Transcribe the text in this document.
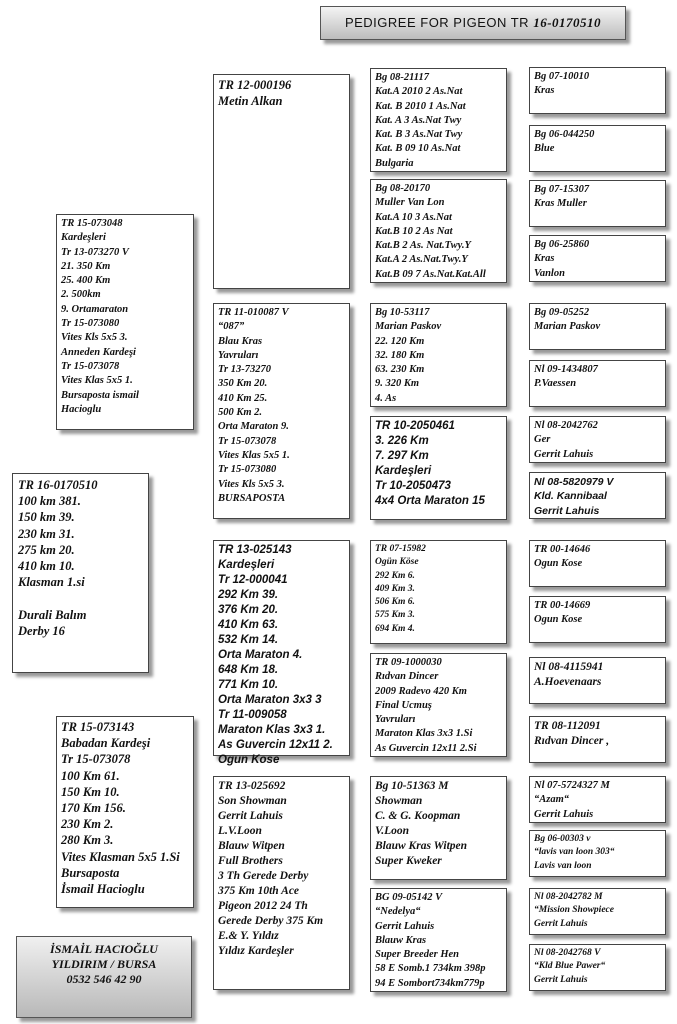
PEDIGREE FOR PIGEON TR 16-0170510
TR 16-0170510
100 km 381.
150 km 39.
230 km 31.
275 km 20.
410 km 10.
Klasman 1.si

Durali Balım
Derby 16
TR 15-073048
Kardeşleri
Tr 13-073270 V
21. 350 Km
25. 400 Km
2. 500km
9. Ortamaraton
Tr 15-073080
Vites Kls 5x5 3.
Anneden Kardeşi
Tr 15-073078
Vites Klas 5x5 1.
Bursaposta ismail
Hacioglu
TR 15-073143
Babadan Kardeşi
Tr 15-073078
100 Km 61.
150 Km 10.
170 Km 156.
230 Km 2.
280 Km 3.
Vites Klasman 5x5 1.Si
Bursaposta
İsmail Hacioglu
İSMAİL HACIOĞLU
YILDIRIM / BURSA
0532 546 42 90
TR 12-000196
Metin Alkan
TR 11-010087 V
“087”
Blau Kras
Yavruları
Tr 13-73270
350 Km 20.
410 Km 25.
500 Km 2.
Orta Maraton 9.
Tr 15-073078
Vites Klas 5x5 1.
Tr 15-073080
Vites Kls 5x5 3.
BURSAPOSTA
TR 13-025143
Kardeşleri
Tr 12-000041
292 Km 39.
376 Km 20.
410 Km 63.
532 Km 14.
Orta Maraton 4.
648 Km 18.
771 Km 10.
Orta Maraton 3x3 3
Tr 11-009058
Maraton Klas 3x3 1.
As Guvercin 12x11 2.
Ogun Kose
TR 13-025692
Son Showman
Gerrit Lahuis
L.V.Loon
Blauw Witpen
Full Brothers
3 Th Gerede Derby
375 Km 10th Ace
Pigeon 2012 24 Th
Gerede Derby 375 Km
E.& Y. Yıldız
Yıldız Kardeşler
Bg 08-21117
Kat.A 2010 2 As.Nat
Kat. B 2010 1 As.Nat
Kat. A 3 As.Nat Twy
Kat. B 3 As.Nat Twy
Kat. B 09 10 As.Nat
Bulgaria
Bg 08-20170
Muller Van Lon
Kat.A 10 3 As.Nat
Kat.B 10 2 As Nat
Kat.B 2 As. Nat.Twy.Y
Kat.A 2 As.Nat.Twy.Y
Kat.B 09 7 As.Nat.Kat.All
Bg 10-53117
Marian Paskov
22. 120 Km
32. 180 Km
63. 230 Km
9. 320 Km
4. As
TR 10-2050461
3. 226 Km
7. 297 Km
Kardeşleri
Tr 10-2050473
4x4 Orta Maraton 15
TR 07-15982
Ogün Köse
292 Km 6.
409 Km 3.
506 Km 6.
575 Km 3.
694 Km 4.
TR 09-1000030
Rıdvan Dincer
2009 Radevo 420 Km
Final Ucmuş
Yavruları
Maraton Klas 3x3 1.Si
As Guvercin 12x11 2.Si
Bg 10-51363 M
Showman
C. & G. Koopman
V.Loon
Blauw Kras Witpen
Super Kweker
BG 09-05142 V
“Nedelya“
Gerrit Lahuis
Blauw Kras
Super Breeder Hen
58 E Somb.1 734km 398p
94 E Sombort734km779p
Bg 07-10010
Kras
Bg 06-044250
Blue
Bg 07-15307
Kras Muller
Bg 06-25860
Kras
Vanlon
Bg 09-05252
Marian Paskov
Nl 09-1434807
P.Vaessen
Nl 08-2042762
Ger
Gerrit Lahuis
Nl 08-5820979 V
Kld. Kannibaal
Gerrit Lahuis
TR 00-14646
Ogun Kose
TR 00-14669
Ogun Kose
Nl 08-4115941
A.Hoevenaars
TR 08-112091
Rıdvan Dincer ,
Nl 07-5724327 M
“Azam“
Gerrit Lahuis
Bg 06-00303 v
“lavis van loon 303“
Lavis van loon
Nl 08-2042782 M
“Mission Showpiece
Gerrit Lahuis
Nl 08-2042768 V
“Kld Blue Pawer“
Gerrit Lahuis
